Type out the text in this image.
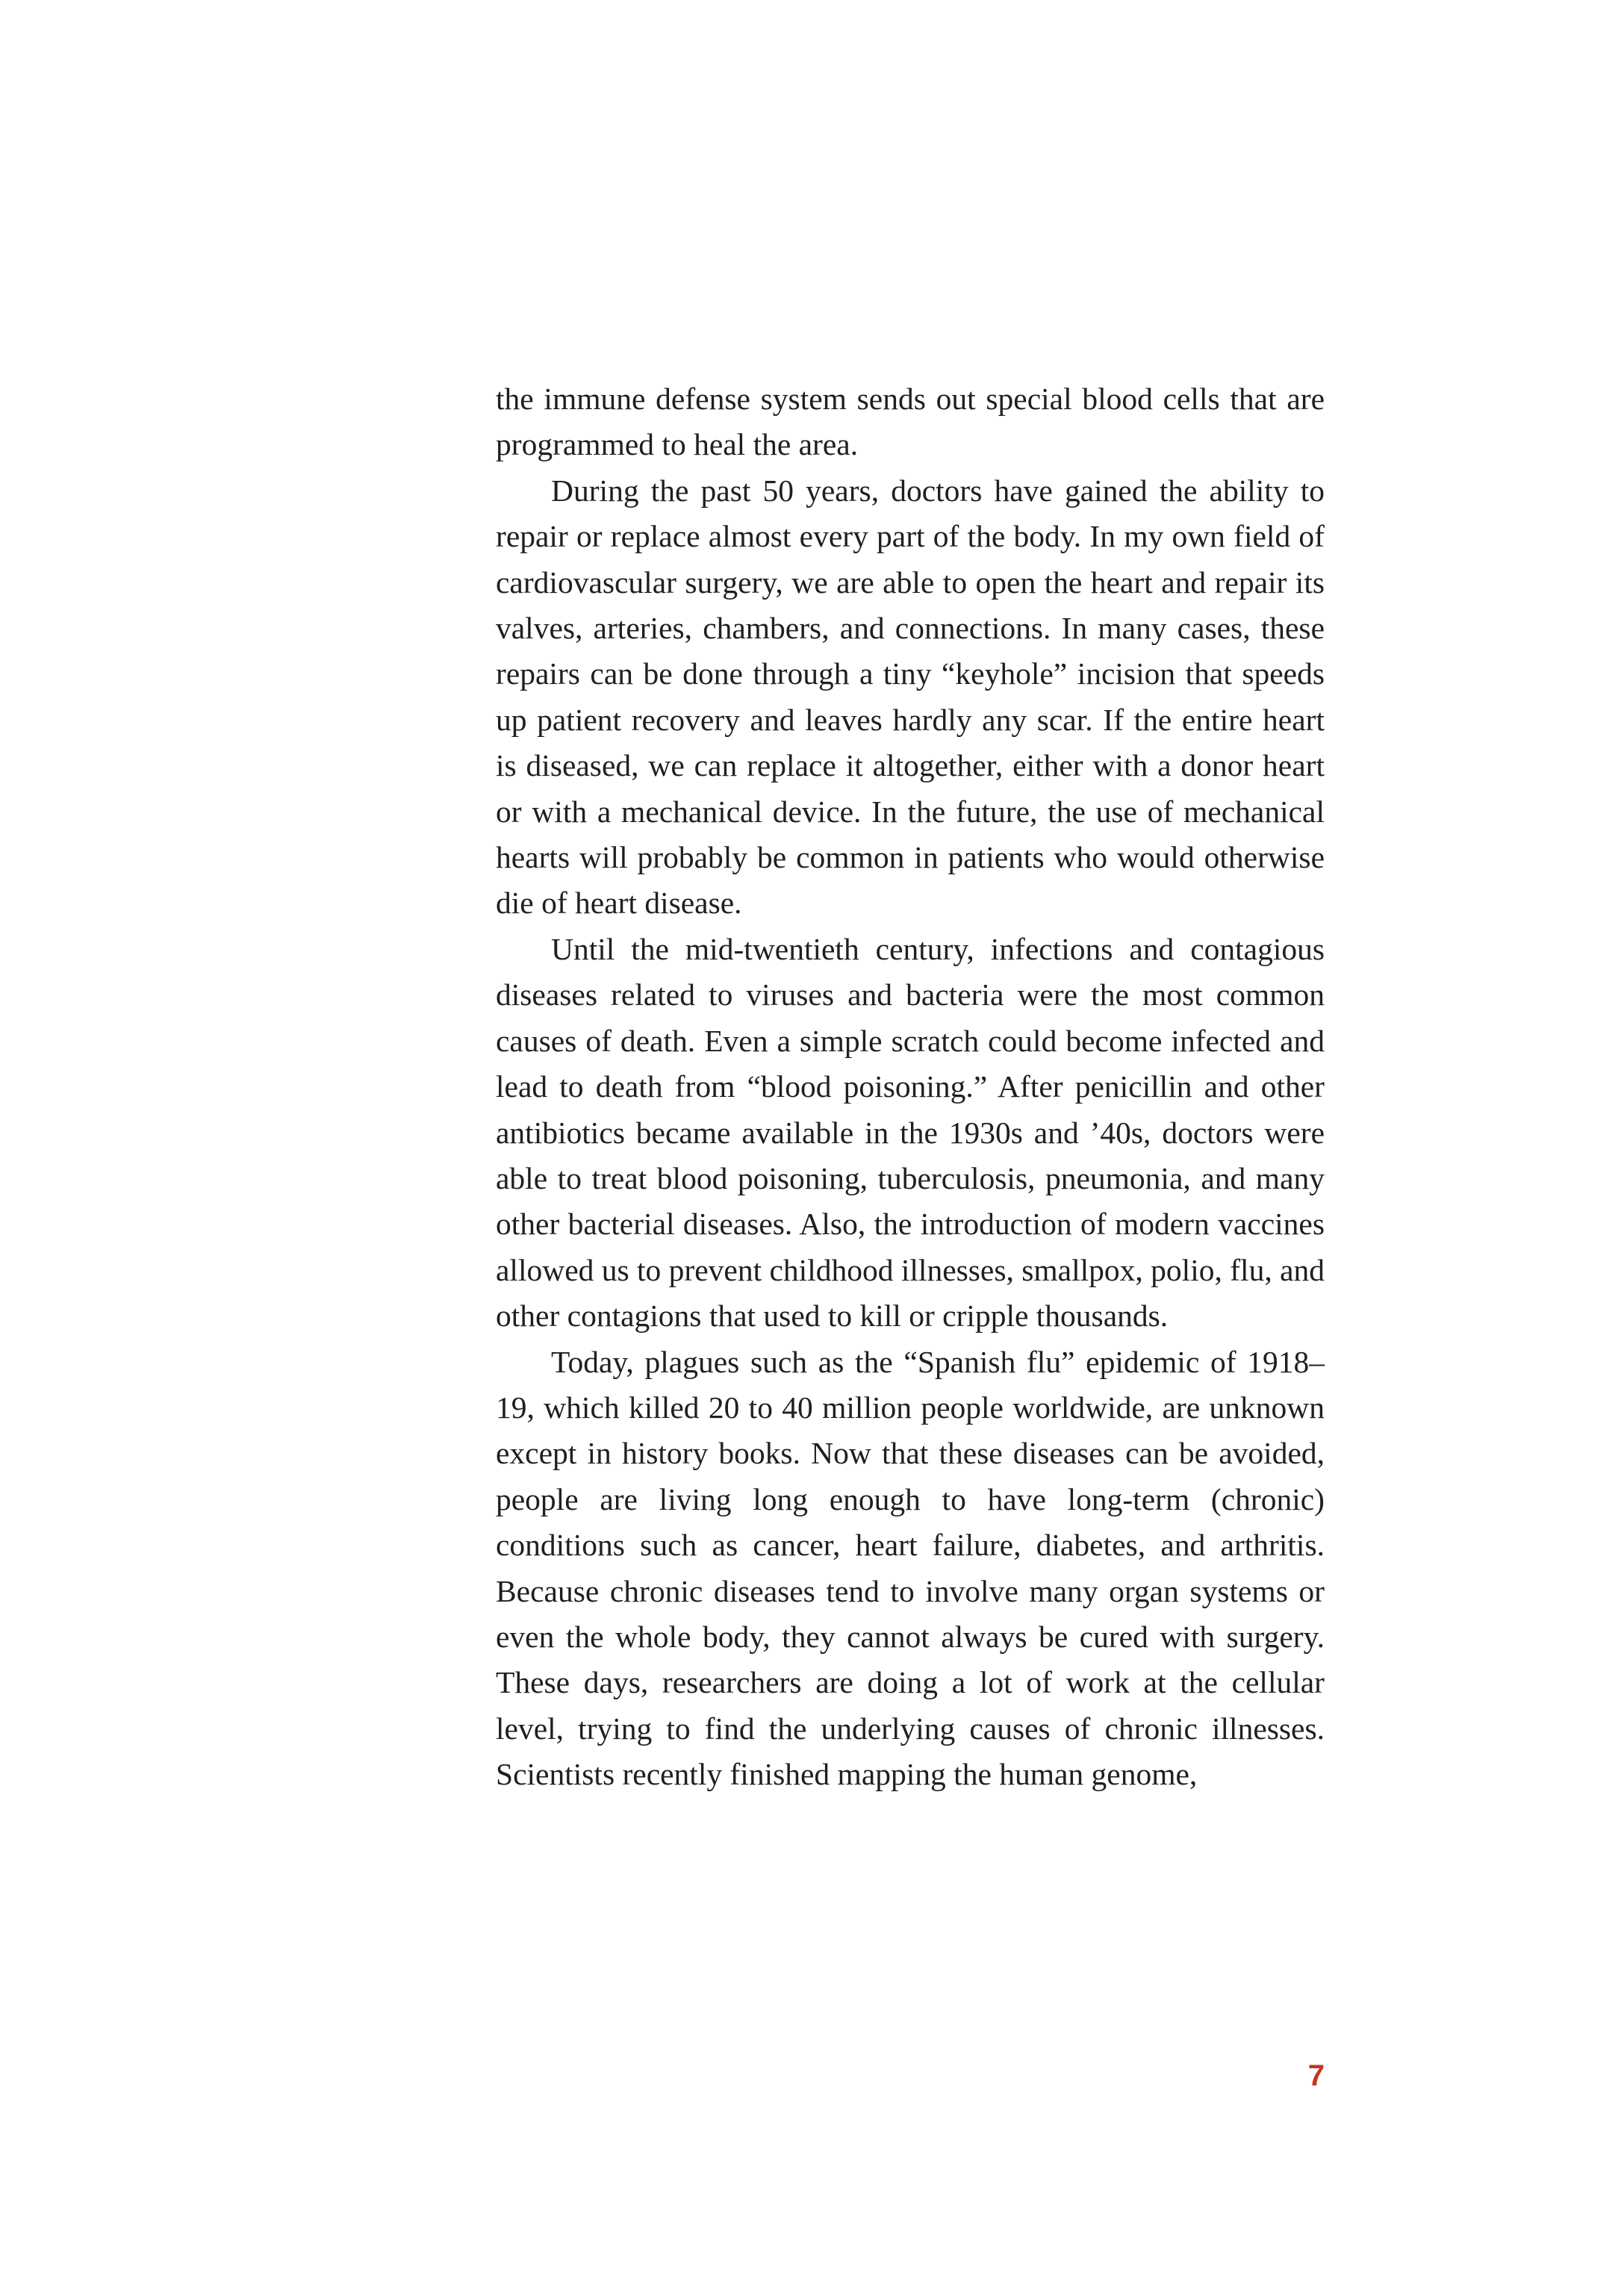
the immune defense system sends out special blood cells that are programmed to heal the area.

During the past 50 years, doctors have gained the ability to repair or replace almost every part of the body. In my own field of cardiovascular surgery, we are able to open the heart and repair its valves, arteries, chambers, and connections. In many cases, these repairs can be done through a tiny “keyhole” incision that speeds up patient recovery and leaves hardly any scar. If the entire heart is diseased, we can replace it altogether, either with a donor heart or with a mechanical device. In the future, the use of mechanical hearts will probably be common in patients who would otherwise die of heart disease.

Until the mid-twentieth century, infections and contagious diseases related to viruses and bacteria were the most common causes of death. Even a simple scratch could become infected and lead to death from “blood poisoning.” After penicillin and other antibiotics became available in the 1930s and ’40s, doctors were able to treat blood poisoning, tuberculosis, pneumonia, and many other bacterial diseases. Also, the introduction of modern vaccines allowed us to prevent childhood illnesses, smallpox, polio, flu, and other contagions that used to kill or cripple thousands.

Today, plagues such as the “Spanish flu” epidemic of 1918–19, which killed 20 to 40 million people worldwide, are unknown except in history books. Now that these diseases can be avoided, people are living long enough to have long-term (chronic) conditions such as cancer, heart failure, diabetes, and arthritis. Because chronic diseases tend to involve many organ systems or even the whole body, they cannot always be cured with surgery. These days, researchers are doing a lot of work at the cellular level, trying to find the underlying causes of chronic illnesses. Scientists recently finished mapping the human genome,

7
